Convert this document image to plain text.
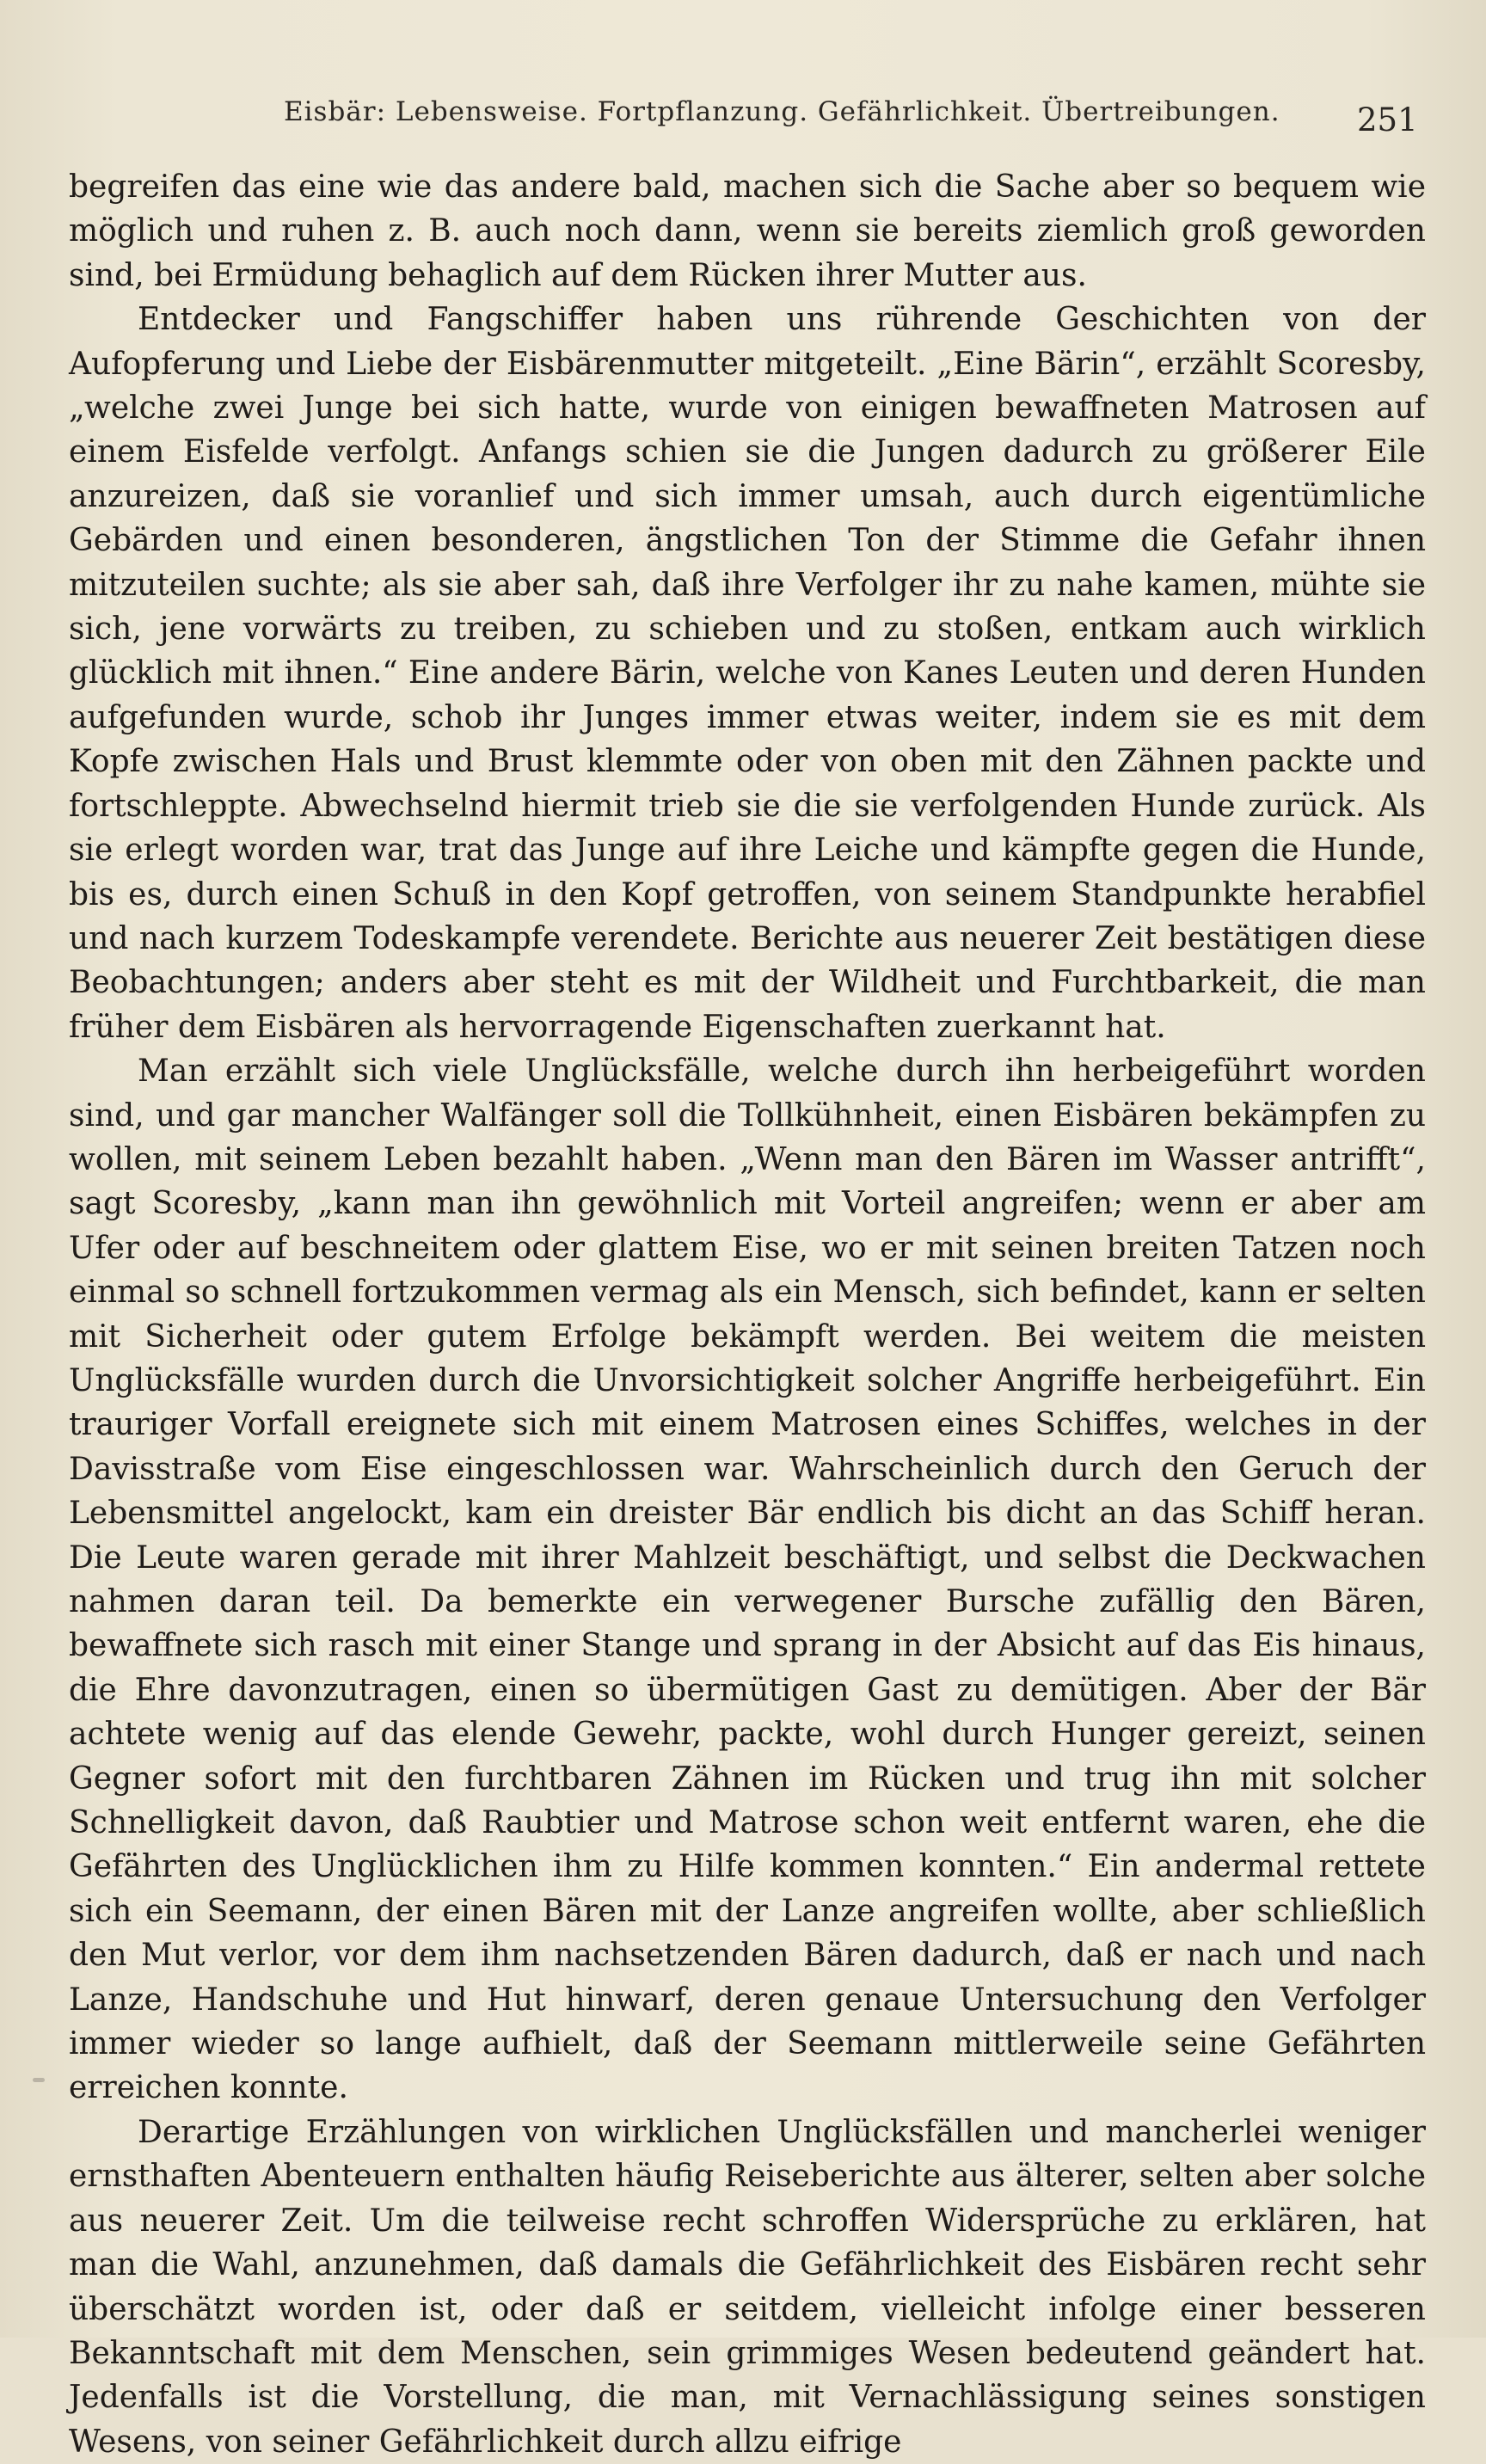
Eisbär: Lebensweise. Fortpflanzung. Gefährlichkeit. Übertreibungen. 251

begreifen das eine wie das andere bald, machen sich die Sache aber so bequem wie möglich und ruhen z. B. auch noch dann, wenn sie bereits ziemlich groß geworden sind, bei Ermüdung behaglich auf dem Rücken ihrer Mutter aus.

Entdecker und Fangschiffer haben uns rührende Geschichten von der Aufopferung und Liebe der Eisbärenmutter mitgeteilt. „Eine Bärin“, erzählt Scoresby, „welche zwei Junge bei sich hatte, wurde von einigen bewaffneten Matrosen auf einem Eisfelde verfolgt. Anfangs schien sie die Jungen dadurch zu größerer Eile anzureizen, daß sie voranlief und sich immer umsah, auch durch eigentümliche Gebärden und einen besonderen, ängstlichen Ton der Stimme die Gefahr ihnen mitzuteilen suchte; als sie aber sah, daß ihre Verfolger ihr zu nahe kamen, mühte sie sich, jene vorwärts zu treiben, zu schieben und zu stoßen, entkam auch wirklich glücklich mit ihnen.“ Eine andere Bärin, welche von Kanes Leuten und deren Hunden aufgefunden wurde, schob ihr Junges immer etwas weiter, indem sie es mit dem Kopfe zwischen Hals und Brust klemmte oder von oben mit den Zähnen packte und fortschleppte. Abwechselnd hiermit trieb sie die sie verfolgenden Hunde zurück. Als sie erlegt worden war, trat das Junge auf ihre Leiche und kämpfte gegen die Hunde, bis es, durch einen Schuß in den Kopf getroffen, von seinem Standpunkte herabfiel und nach kurzem Todeskampfe verendete. Berichte aus neuerer Zeit bestätigen diese Beobachtungen; anders aber steht es mit der Wildheit und Furchtbarkeit, die man früher dem Eisbären als hervorragende Eigenschaften zuerkannt hat.

Man erzählt sich viele Unglücksfälle, welche durch ihn herbeigeführt worden sind, und gar mancher Walfänger soll die Tollkühnheit, einen Eisbären bekämpfen zu wollen, mit seinem Leben bezahlt haben. „Wenn man den Bären im Wasser antrifft“, sagt Scoresby, „kann man ihn gewöhnlich mit Vorteil angreifen; wenn er aber am Ufer oder auf beschneitem oder glattem Eise, wo er mit seinen breiten Tatzen noch einmal so schnell fortzukommen vermag als ein Mensch, sich befindet, kann er selten mit Sicherheit oder gutem Erfolge bekämpft werden. Bei weitem die meisten Unglücksfälle wurden durch die Unvorsichtigkeit solcher Angriffe herbeigeführt. Ein trauriger Vorfall ereignete sich mit einem Matrosen eines Schiffes, welches in der Davisstraße vom Eise eingeschlossen war. Wahrscheinlich durch den Geruch der Lebensmittel angelockt, kam ein dreister Bär endlich bis dicht an das Schiff heran. Die Leute waren gerade mit ihrer Mahlzeit beschäftigt, und selbst die Deckwachen nahmen daran teil. Da bemerkte ein verwegener Bursche zufällig den Bären, bewaffnete sich rasch mit einer Stange und sprang in der Absicht auf das Eis hinaus, die Ehre davonzutragen, einen so übermütigen Gast zu demütigen. Aber der Bär achtete wenig auf das elende Gewehr, packte, wohl durch Hunger gereizt, seinen Gegner sofort mit den furchtbaren Zähnen im Rücken und trug ihn mit solcher Schnelligkeit davon, daß Raubtier und Matrose schon weit entfernt waren, ehe die Gefährten des Unglücklichen ihm zu Hilfe kommen konnten.“ Ein andermal rettete sich ein Seemann, der einen Bären mit der Lanze angreifen wollte, aber schließlich den Mut verlor, vor dem ihm nachsetzenden Bären dadurch, daß er nach und nach Lanze, Handschuhe und Hut hinwarf, deren genaue Untersuchung den Verfolger immer wieder so lange aufhielt, daß der Seemann mittlerweile seine Gefährten erreichen konnte.

Derartige Erzählungen von wirklichen Unglücksfällen und mancherlei weniger ernsthaften Abenteuern enthalten häufig Reiseberichte aus älterer, selten aber solche aus neuerer Zeit. Um die teilweise recht schroffen Widersprüche zu erklären, hat man die Wahl, anzunehmen, daß damals die Gefährlichkeit des Eisbären recht sehr überschätzt worden ist, oder daß er seitdem, vielleicht infolge einer besseren Bekanntschaft mit dem Menschen, sein grimmiges Wesen bedeutend geändert hat. Jedenfalls ist die Vorstellung, die man, mit Vernachlässigung seines sonstigen Wesens, von seiner Gefährlichkeit durch allzu eifrige
